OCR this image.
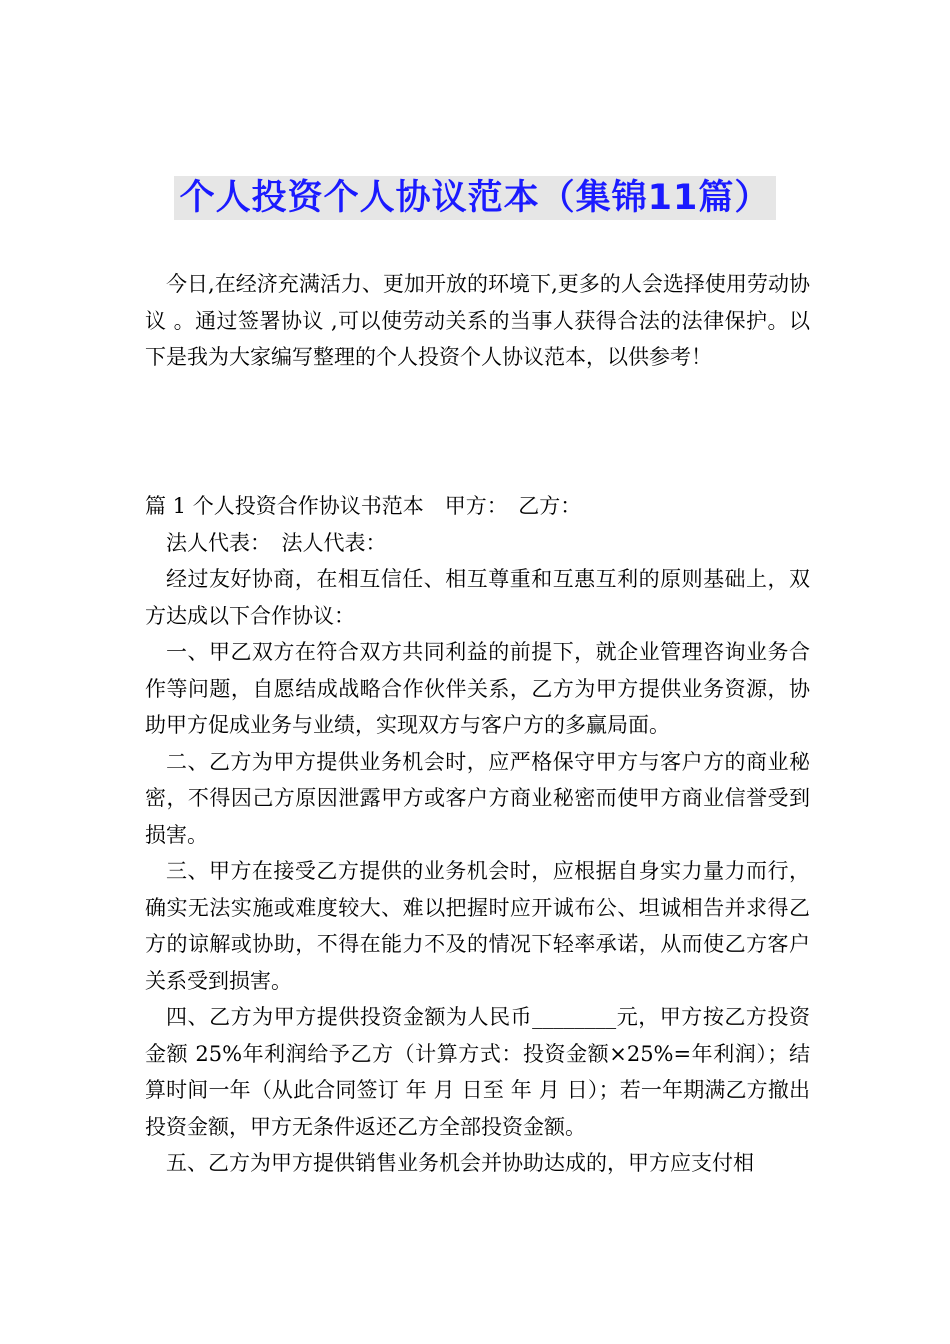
个人投资个人协议范本（集锦11篇）

今日,在经济充满活力、更加开放的环境下,更多的人会选择使用劳动协议 。通过签署协议 ,可以使劳动关系的当事人获得合法的法律保护。以下是我为大家编写整理的个人投资个人协议范本，以供参考！

篇 1 个人投资合作协议书范本　甲方：　乙方：

法人代表：　法人代表：

经过友好协商，在相互信任、相互尊重和互惠互利的原则基础上，双方达成以下合作协议：

一、甲乙双方在符合双方共同利益的前提下，就企业管理咨询业务合作等问题，自愿结成战略合作伙伴关系，乙方为甲方提供业务资源，协助甲方促成业务与业绩，实现双方与客户方的多赢局面。

二、乙方为甲方提供业务机会时，应严格保守甲方与客户方的商业秘密，不得因己方原因泄露甲方或客户方商业秘密而使甲方商业信誉受到损害。

三、甲方在接受乙方提供的业务机会时，应根据自身实力量力而行，确实无法实施或难度较大、难以把握时应开诚布公、坦诚相告并求得乙方的谅解或协助，不得在能力不及的情况下轻率承诺，从而使乙方客户关系受到损害。

四、乙方为甲方提供投资金额为人民币________元，甲方按乙方投资金额 25%年利润给予乙方（计算方式：投资金额×25%=年利润）；结算时间一年（从此合同签订 年 月 日至 年 月 日）；若一年期满乙方撤出投资金额，甲方无条件返还乙方全部投资金额。

五、乙方为甲方提供销售业务机会并协助达成的，甲方应支付相
